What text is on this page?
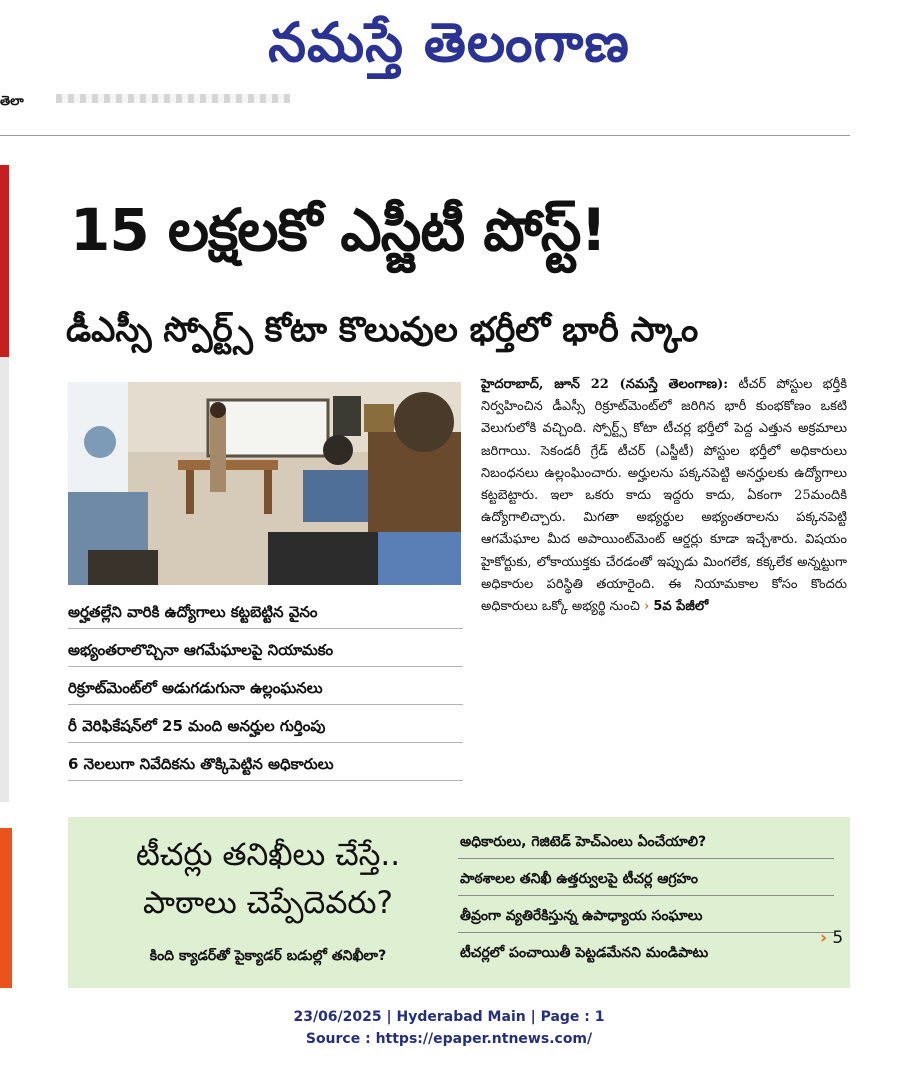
నమస్తే తెలంగాణ
తెలా
15 లక్షలకో ఎస్జీటీ పోస్ట్!
డీఎస్సీ స్పోర్ట్స్ కోటా కొలువుల భర్తీలో భారీ స్కాం
అర్హతల్లేని వారికి ఉద్యోగాలు కట్టబెట్టిన వైనం
అభ్యంతరాలొచ్చినా ఆగమేఘాలపై నియామకం
రిక్రూట్‌మెంట్‌లో అడుగడుగునా ఉల్లంఘనలు
రీ వెరిఫికేషన్‌లో 25 మంది అనర్హుల గుర్తింపు
6 నెలలుగా నివేదికను తొక్కిపెట్టిన అధికారులు
హైదరాబాద్, జూన్ 22 (నమస్తే తెలంగాణ): టీచర్ పోస్టుల భర్తీకి నిర్వహించిన డీఎస్సీ రిక్రూట్‌మెంట్‌లో జరిగిన భారీ కుంభకోణం ఒకటి వెలుగులోకి వచ్చింది. స్పోర్ట్స్ కోటా టీచర్ల భర్తీలో పెద్ద ఎత్తున అక్రమాలు జరిగాయి. సెకండరీ గ్రేడ్ టీచర్ (ఎస్జీటీ) పోస్టుల భర్తీలో అధికారులు నిబంధనలు ఉల్లంఘించారు. అర్హులను పక్కనపెట్టి అనర్హులకు ఉద్యోగాలు కట్టబెట్టారు. ఇలా ఒకరు కాదు ఇద్దరు కాదు, ఏకంగా 25మందికి ఉద్యోగాలిచ్చారు. మిగతా అభ్యర్థుల అభ్యంతరాలను పక్కనపెట్టి ఆగమేఘాల మీద అపాయింట్‌మెంట్ ఆర్డర్లు కూడా ఇచ్చేశారు. విషయం హైకోర్టుకు, లోకాయుక్తకు చేరడంతో ఇప్పుడు మింగలేక, కక్కలేక అన్నట్టుగా అధికారుల పరిస్థితి తయారైంది. ఈ నియామకాల కోసం కొందరు అధికారులు ఒక్కో అభ్యర్థి నుంచి › 5వ పేజీలో
టీచర్లు తనిఖీలు చేస్తే..
పాఠాలు చెప్పేదెవరు?
కింది క్యాడర్‌తో పైక్యాడర్ బడుల్లో తనిఖీలా?
అధికారులు, గెజిటెడ్ హెచ్‌ఎంలు ఏంచేయాలి?
పాఠశాలల తనిఖీ ఉత్తర్వులపై టీచర్ల ఆగ్రహం
తీవ్రంగా వ్యతిరేకిస్తున్న ఉపాధ్యాయ సంఘాలు
టీచర్లలో పంచాయితీ పెట్టడమేనని మండిపాటు
› 5
23/06/2025 | Hyderabad Main | Page : 1
Source : https://epaper.ntnews.com/
